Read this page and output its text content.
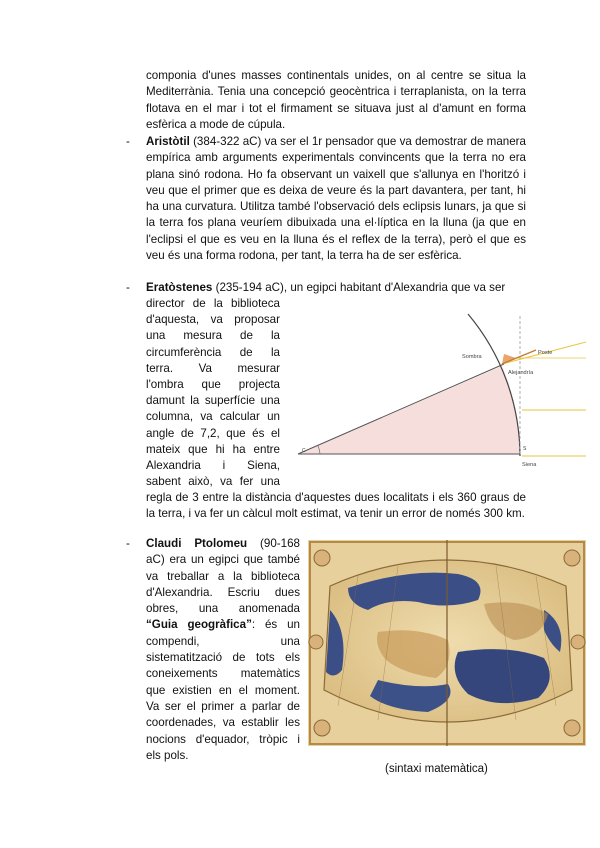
componia d'unes masses continentals unides, on al centre se situa la Mediterrània. Tenia una concepció geocèntrica i terraplanista, on la terra flotava en el mar i tot el firmament se situava just al d'amunt en forma esfèrica a mode de cúpula.
- Aristòtil (384-322 aC) va ser el 1r pensador que va demostrar de manera empírica amb arguments experimentals convincents que la terra no era plana sinó rodona. Ho fa observant un vaixell que s'allunya en l'horitzó i veu que el primer que es deixa de veure és la part davantera, per tant, hi ha una curvatura. Utilitza també l'observació dels eclipsis lunars, ja que si la terra fos plana veuríem dibuixada una el·líptica en la lluna (ja que en l'eclipsi el que es veu en la lluna és el reflex de la terra), però el que es veu és una forma rodona, per tant, la terra ha de ser esfèrica.
- Eratòstenes (235-194 aC), un egipci habitant d'Alexandria que va ser
director de la biblioteca
d'aquesta, va proposar
una mesura de la
circumferència de la
terra. Va mesurar
l'ombra que projecta
damunt la superfície una
columna, va calcular un
angle de 7,2, que és el
mateix que hi ha entre
Alexandria i Siena,
sabent això, va fer una
regla de 3 entre la distància d'aquestes dues localitats i els 360 graus de la terra, i va fer un càlcul molt estimat, va tenir un error de només 300 km.
Sombra
Poste
Alejandría
Siena
C	S
- Claudi Ptolomeu (90-168
aC) era un egipci que també
va treballar a la biblioteca
d'Alexandria. Escriu dues
obres, una anomenada
“Guia geogràfica”: és un
compendi, una
sistematització de tots els
coneixements matemàtics
que existien en el moment.
Va ser el primer a parlar de
coordenades, va establir les
nocions d'equador, tròpic i
els pols.
(sintaxi matemàtica)
